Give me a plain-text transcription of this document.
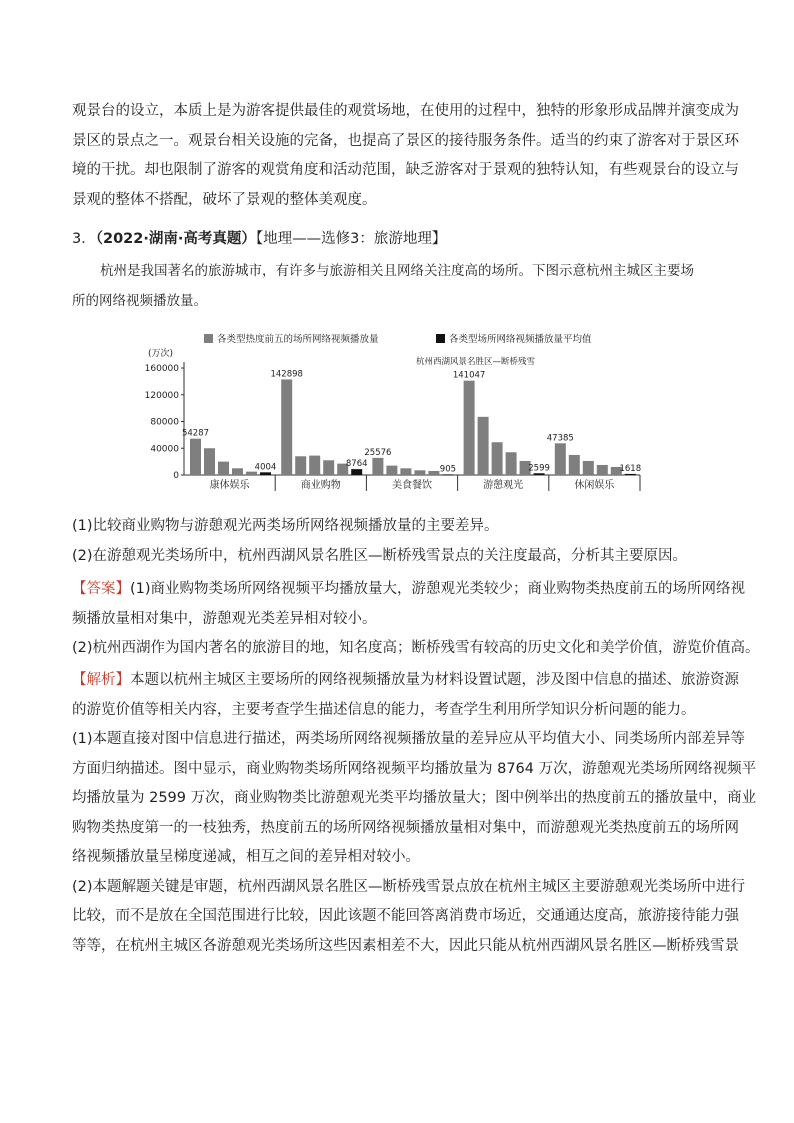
观景台的设立，本质上是为游客提供最佳的观赏场地，在使用的过程中，独特的形象形成品牌并演变成为
景区的景点之一。观景台相关设施的完备，也提高了景区的接待服务条件。适当的约束了游客对于景区环
境的干扰。却也限制了游客的观赏角度和活动范围，缺乏游客对于景观的独特认知，有些观景台的设立与
景观的整体不搭配，破坏了景观的整体美观度。
3．（2022·湖南·高考真题）【地理——选修3：旅游地理】
杭州是我国著名的旅游城市，有许多与旅游相关且网络关注度高的场所。下图示意杭州主城区主要场
所的网络视频播放量。
各类型热度前五的场所网络视频播放量	各类型场所网络视频播放量平均值
(万次)
0
40000
80000
120000
160000
54287
4004
康体娱乐
142898
8764
商业购物
25576
905
美食餐饮
141047
2599
游憩观光
47385
1618
休闲娱乐
杭州西湖风景名胜区—断桥残雪
(1)比较商业购物与游憩观光两类场所网络视频播放量的主要差异。
(2)在游憩观光类场所中，杭州西湖风景名胜区—断桥残雪景点的关注度最高，分析其主要原因。
【答案】(1)商业购物类场所网络视频平均播放量大，游憩观光类较少；商业购物类热度前五的场所网络视
频播放量相对集中，游憩观光类差异相对较小。
(2)杭州西湖作为国内著名的旅游目的地，知名度高；断桥残雪有较高的历史文化和美学价值，游览价值高。
【解析】本题以杭州主城区主要场所的网络视频播放量为材料设置试题，涉及图中信息的描述、旅游资源
的游览价值等相关内容，主要考查学生描述信息的能力，考查学生利用所学知识分析问题的能力。
(1)本题直接对图中信息进行描述，两类场所网络视频播放量的差异应从平均值大小、同类场所内部差异等
方面归纳描述。图中显示，商业购物类场所网络视频平均播放量为 8764 万次，游憩观光类场所网络视频平
均播放量为 2599 万次，商业购物类比游憩观光类平均播放量大；图中例举出的热度前五的播放量中，商业
购物类热度第一的一枝独秀，热度前五的场所网络视频播放量相对集中，而游憩观光类热度前五的场所网
络视频播放量呈梯度递减，相互之间的差异相对较小。
(2)本题解题关键是审题，杭州西湖风景名胜区—断桥残雪景点放在杭州主城区主要游憩观光类场所中进行
比较，而不是放在全国范围进行比较，因此该题不能回答离消费市场近，交通通达度高，旅游接待能力强
等等，在杭州主城区各游憩观光类场所这些因素相差不大，因此只能从杭州西湖风景名胜区—断桥残雪景
